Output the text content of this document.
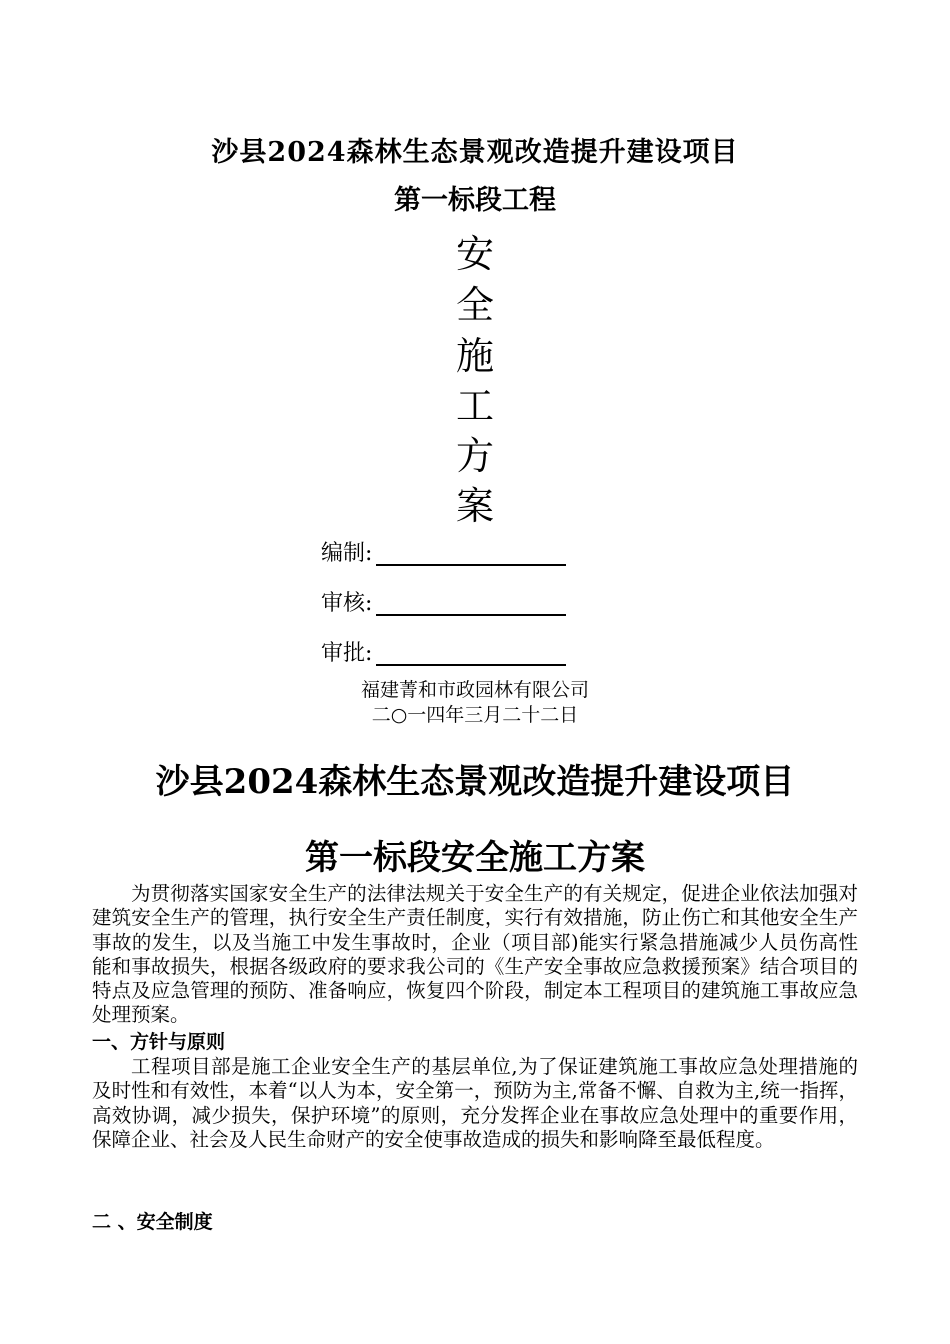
沙县2024森林生态景观改造提升建设项目
第一标段工程
安
全
施
工
方
案
编制:
审核:
审批:
福建菁和市政园林有限公司
二○一四年三月二十二日
沙县2024森林生态景观改造提升建设项目
第一标段安全施工方案

为贯彻落实国家安全生产的法律法规关于安全生产的有关规定，促进企业依法加强对建筑安全生产的管理，执行安全生产责任制度，实行有效措施，防止伤亡和其他安全生产事故的发生，以及当施工中发生事故时，企业（项目部)能实行紧急措施减少人员伤高性能和事故损失，根据各级政府的要求我公司的《生产安全事故应急救援预案》结合项目的特点及应急管理的预防、准备响应，恢复四个阶段，制定本工程项目的建筑施工事故应急处理预案。

一、方针与原则

工程项目部是施工企业安全生产的基层单位,为了保证建筑施工事故应急处理措施的及时性和有效性，本着“以人为本，安全第一，预防为主,常备不懈、自救为主,统一指挥，高效协调，减少损失，保护环境”的原则，充分发挥企业在事故应急处理中的重要作用，保障企业、社会及人民生命财产的安全使事故造成的损失和影响降至最低程度。

二 、安全制度
